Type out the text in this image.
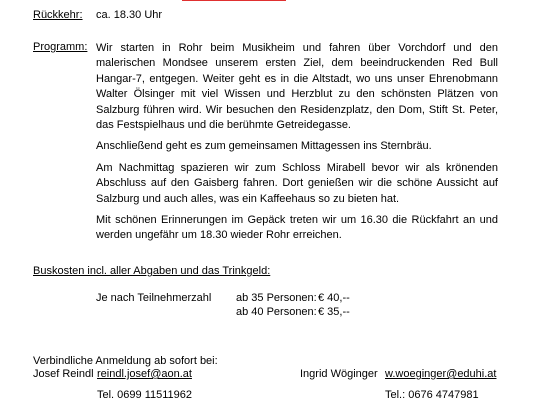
Rückkehr: ca. 18.30 Uhr
Programm: Wir starten in Rohr beim Musikheim und fahren über Vorchdorf und den malerischen Mondsee unserem ersten Ziel, dem beeindruckenden Red Bull Hangar-7, entgegen. Weiter geht es in die Altstadt, wo uns unser Ehrenobmann Walter Ölsinger mit viel Wissen und Herzblut zu den schönsten Plätzen von Salzburg führen wird. Wir besuchen den Residenzplatz, den Dom, Stift St. Peter, das Festspielhaus und die berühmte Getreidegasse.
Anschließend geht es zum gemeinsamen Mittagessen ins Sternbräu.
Am Nachmittag spazieren wir zum Schloss Mirabell bevor wir als krönenden Abschluss auf den Gaisberg fahren. Dort genießen wir die schöne Aussicht auf Salzburg und auch alles, was ein Kaffeehaus so zu bieten hat.
Mit schönen Erinnerungen im Gepäck treten wir um 16.30 die Rückfahrt an und werden ungefähr um 18.30 wieder Rohr erreichen.
Buskosten incl. aller Abgaben und das Trinkgeld:
Je nach Teilnehmerzahl ab 35 Personen: € 40,--
ab 40 Personen: € 35,--
Verbindliche Anmeldung ab sofort bei:
Josef Reindl reindl.josef@aon.at
Tel. 0699 11511962
Ingrid Wöginger w.woeginger@eduhi.at
Tel.: 0676 4747981
